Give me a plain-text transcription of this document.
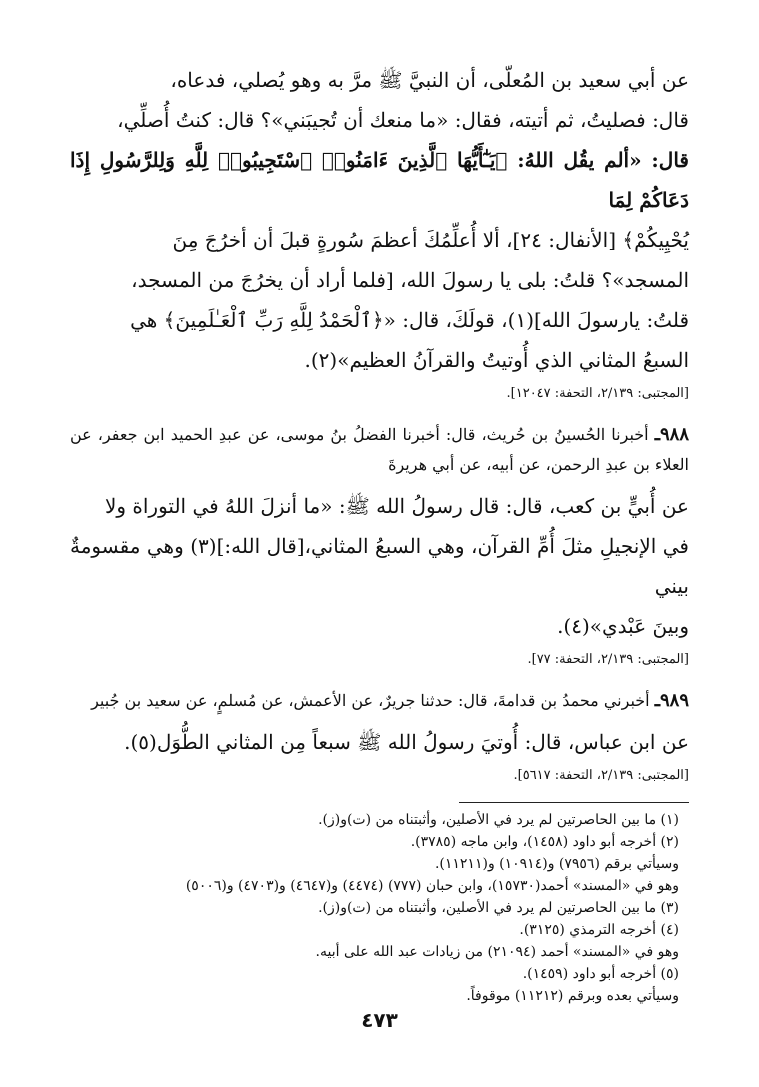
عن أبي سعيد بن المُعلّى، أن النبيَّ ﷺ مرَّ به وهو يُصلي، فدعاه،
قال: فصليتُ، ثم أتيته، فقال: «ما منعك أن تُجيبَني»؟ قال: كنتُ أُصلِّي،
قال: «ألم يقُل اللهُ: ﴿يَـٰٓأَيُّهَا ٱلَّذِينَ ءَامَنُوا۟ ٱسْتَجِيبُوا۟ لِلَّهِ وَلِلرَّسُولِ إِذَا دَعَاكُمْ لِمَا
يُحْيِيكُمْ﴾ [الأنفال: ٢٤]، ألا أُعلِّمُكَ أعظمَ سُورةٍ قبلَ أن أخرُجَ مِنَ
المسجد»؟ قلتُ: بلى يا رسولَ الله، [فلما أراد أن يخرُجَ من المسجد،
قلتُ: يارسولَ الله](١)، قولَكَ، قال: «﴿ٱلْحَمْدُ لِلَّهِ رَبِّ ٱلْعَـٰلَمِينَ﴾ هي
السبعُ المثاني الذي أُوتيتُ والقرآنُ العظيم»(٢).

[المجتبى: ٢/١٣٩، التحفة: ١٢٠٤٧].

٩٨٨ـ أخبرنا الحُسينُ بن حُريث، قال: أخبرنا الفضلُ بنُ موسى، عن عبدِ الحميد ابن جعفر، عن العلاء بن عبدِ الرحمن، عن أبيه، عن أبي هريرةَ

عن أُبيٍّ بن كعب، قال: قال رسولُ الله ﷺ: «ما أنزلَ اللهُ في التوراة ولا
في الإنجيلِ مثلَ أُمِّ القرآن، وهي السبعُ المثاني،[قال الله:](٣) وهي مقسومةٌ بيني
وبينَ عَبْدي»(٤).

[المجتبى: ٢/١٣٩، التحفة: ٧٧].

٩٨٩ـ أخبرني محمدُ بن قدامةَ، قال: حدثنا جريرٌ، عن الأعمش، عن مُسلمٍ، عن سعيد بن جُبير

عن ابن عباس، قال: أُوتيَ رسولُ الله ﷺ سبعاً مِن المثاني الطُّوَل(٥).

[المجتبى: ٢/١٣٩، التحفة: ٥٦١٧].
(١) ما بين الحاصرتين لم يرد في الأصلين، وأثبتناه من (ت)و(ز).
(٢) أخرجه أبو داود (١٤٥٨)، وابن ماجه (٣٧٨٥).
وسيأتي برقم (٧٩٥٦) و(١٠٩١٤) و(١١٢١١).
وهو في «المسند» أحمد(١٥٧٣٠)، وابن حبان (٧٧٧) (٤٤٧٤) و(٤٦٤٧) و(٤٧٠٣) و(٥٠٠٦)
(٣) ما بين الحاصرتين لم يرد في الأصلين، وأثبتناه من (ت)و(ز).
(٤) أخرجه الترمذي (٣١٢٥).
وهو في «المسند» أحمد (٢١٠٩٤) من زيادات عبد الله على أبيه.
(٥) أخرجه أبو داود (١٤٥٩).
وسيأتي بعده وبرقم (١١٢١٢) موقوفاً.
٤٧٣
